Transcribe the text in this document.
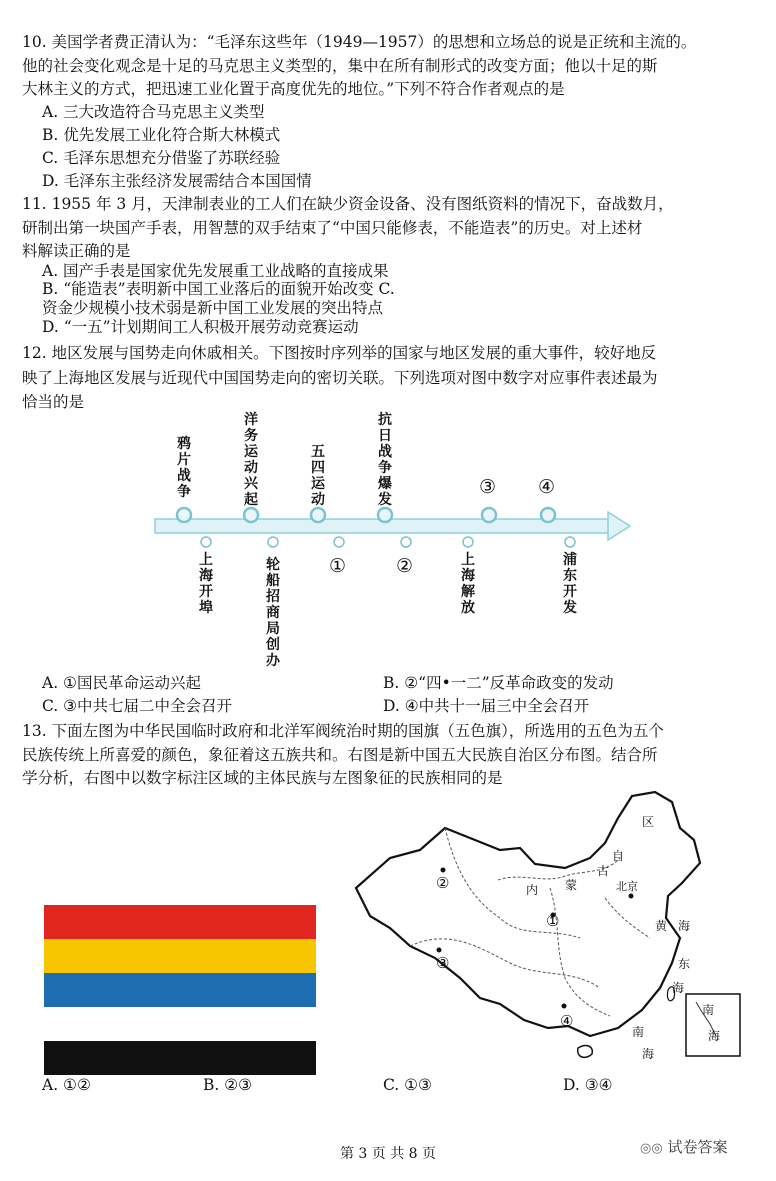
10. 美国学者费正清认为：“毛泽东这些年（1949—1957）的思想和立场总的说是正统和主流的。
他的社会变化观念是十足的马克思主义类型的，集中在所有制形式的改变方面；他以十足的斯
大林主义的方式，把迅速工业化置于高度优先的地位。”下列不符合作者观点的是
A. 三大改造符合马克思主义类型
B. 优先发展工业化符合斯大林模式
C. 毛泽东思想充分借鉴了苏联经验
D. 毛泽东主张经济发展需结合本国国情
11. 1955 年 3 月，天津制表业的工人们在缺少资金设备、没有图纸资料的情况下，奋战数月，
研制出第一块国产手表，用智慧的双手结束了“中国只能修表，不能造表”的历史。对上述材
料解读正确的是
A. 国产手表是国家优先发展重工业战略的直接成果
B. “能造表”表明新中国工业落后的面貌开始改变 C.
资金少规模小技术弱是新中国工业发展的突出特点
D. “一五”计划期间工人积极开展劳动竞赛运动
12. 地区发展与国势走向休戚相关。下图按时序列举的国家与地区发展的重大事件，较好地反
映了上海地区发展与近现代中国国势走向的密切关联。下列选项对图中数字对应事件表述最为
恰当的是
鸦
片
战
争
洋
务
运
动
兴
起
五
四
运
动
抗
日
战
争
爆
发
③ ④
上
海
开
埠
轮
船
招
商
局
创
办
①	②	上
海
解
放
浦
东
开
发
A. ①国民革命运动兴起	B. ②“四•一二”反革命政变的发动
C. ③中共七届二中全会召开	D. ④中共十一届三中全会召开
13. 下面左图为中华民国临时政府和北洋军阀统治时期的国旗（五色旗），所选用的五色为五个
民族传统上所喜爱的颜色，象征着这五族共和。右图是新中国五大民族自治区分布图。结合所
学分析，右图中以数字标注区域的主体民族与左图象征的民族相同的是
①
②
③
④
内 蒙
古
自
区
北京
黄 海
东
海
南
海
南
海
A. ①②	B. ②③	C. ①③	D. ③④
第 3 页 共 8 页	◎◎ 试卷答案
